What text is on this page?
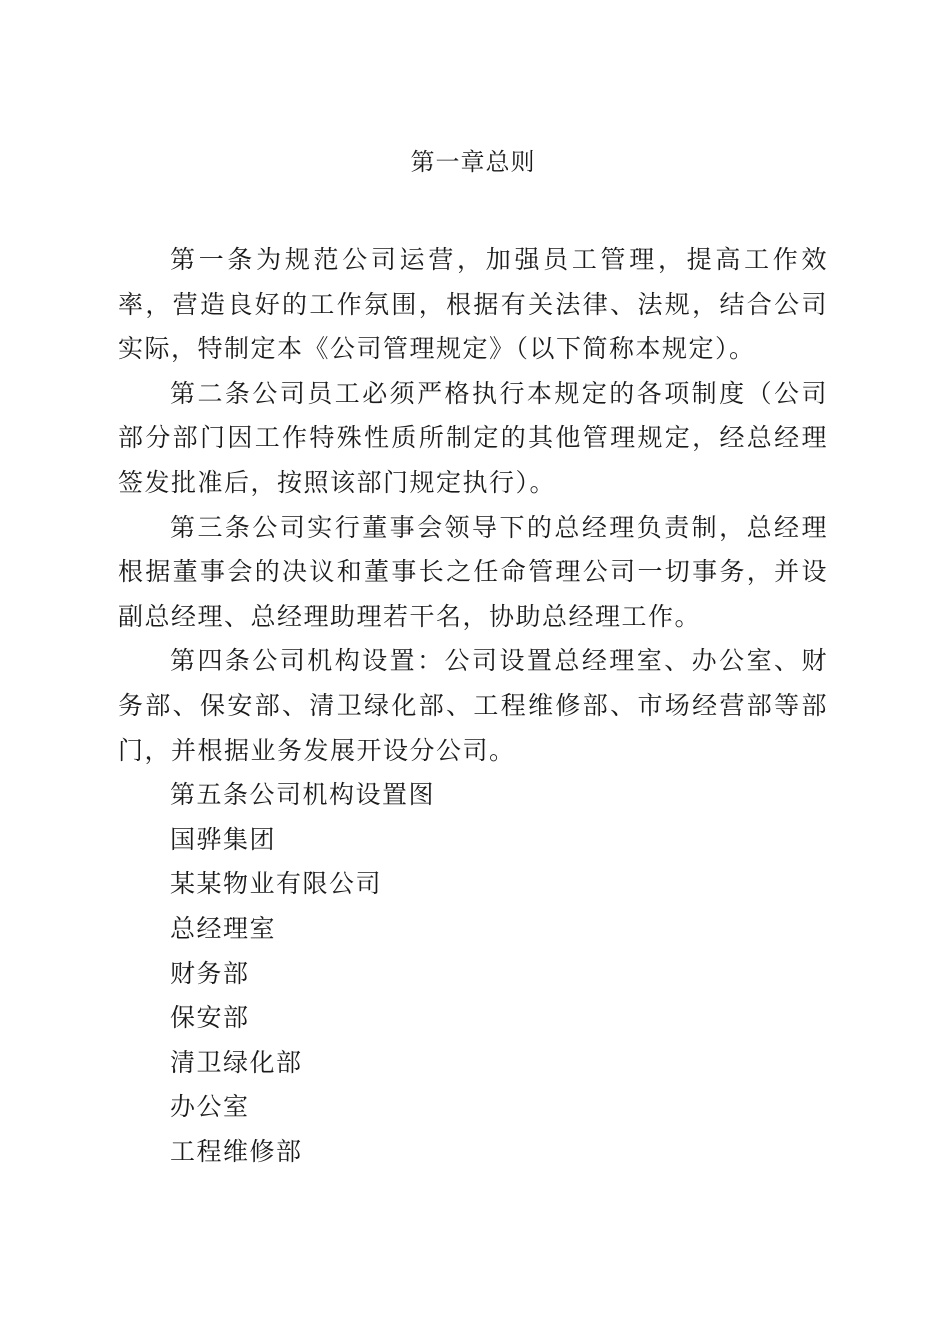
第一章总则

第一条为规范公司运营，加强员工管理，提高工作效率，营造良好的工作氛围，根据有关法律、法规，结合公司实际，特制定本《公司管理规定》（以下简称本规定）。

第二条公司员工必须严格执行本规定的各项制度（公司部分部门因工作特殊性质所制定的其他管理规定，经总经理签发批准后，按照该部门规定执行）。

第三条公司实行董事会领导下的总经理负责制，总经理根据董事会的决议和董事长之任命管理公司一切事务，并设副总经理、总经理助理若干名，协助总经理工作。

第四条公司机构设置：公司设置总经理室、办公室、财务部、保安部、清卫绿化部、工程维修部、市场经营部等部门，并根据业务发展开设分公司。

第五条公司机构设置图
国骅集团
某某物业有限公司
总经理室
财务部
保安部
清卫绿化部
办公室
工程维修部
